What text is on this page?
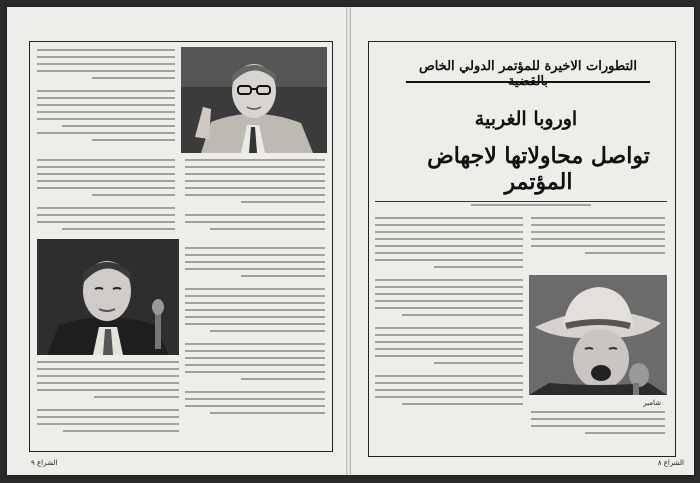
الشراع ٩
التطورات الاخيرة للمؤتمر الدولي الخاص بالقضية
اوروبا الغربية
تواصل محاولاتها لاجهاض المؤتمر
شامير
الشراع ٨
